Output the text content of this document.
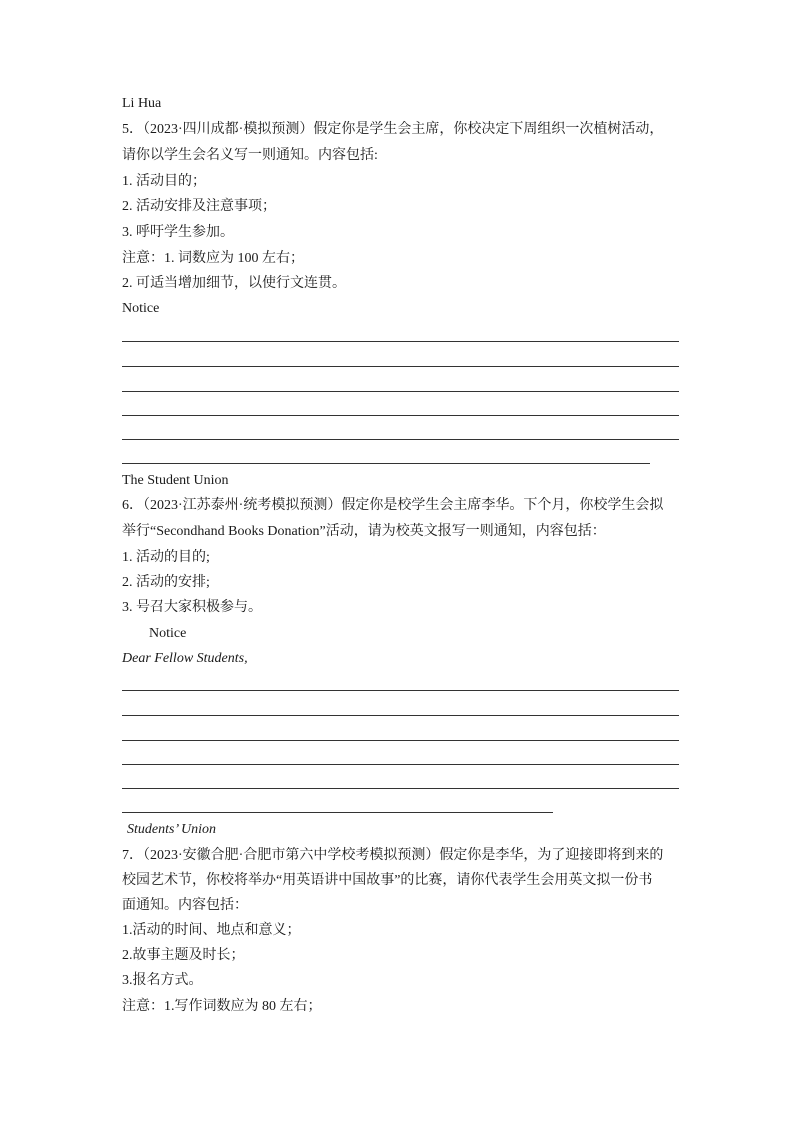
Li Hua
5．（2023·四川成都·模拟预测）假定你是学生会主席，你校决定下周组织一次植树活动，
请你以学生会名义写一则通知。内容包括:
1. 活动目的；
2. 活动安排及注意事项；
3. 呼吁学生参加。
注意：1. 词数应为 100 左右；
2. 可适当增加细节，以使行文连贯。
Notice
The Student Union
6．（2023·江苏泰州·统考模拟预测）假定你是校学生会主席李华。下个月，你校学生会拟
举行“Secondhand Books Donation”活动，请为校英文报写一则通知，内容包括：
1. 活动的目的;
2. 活动的安排;
3. 号召大家积极参与。
Notice
Dear Fellow Students,
Students’ Union
7．（2023·安徽合肥·合肥市第六中学校考模拟预测）假定你是李华，为了迎接即将到来的
校园艺术节，你校将举办“用英语讲中国故事”的比赛，请你代表学生会用英文拟一份书
面通知。内容包括：
1.活动的时间、地点和意义；
2.故事主题及时长；
3.报名方式。
注意：1.写作词数应为 80 左右；
